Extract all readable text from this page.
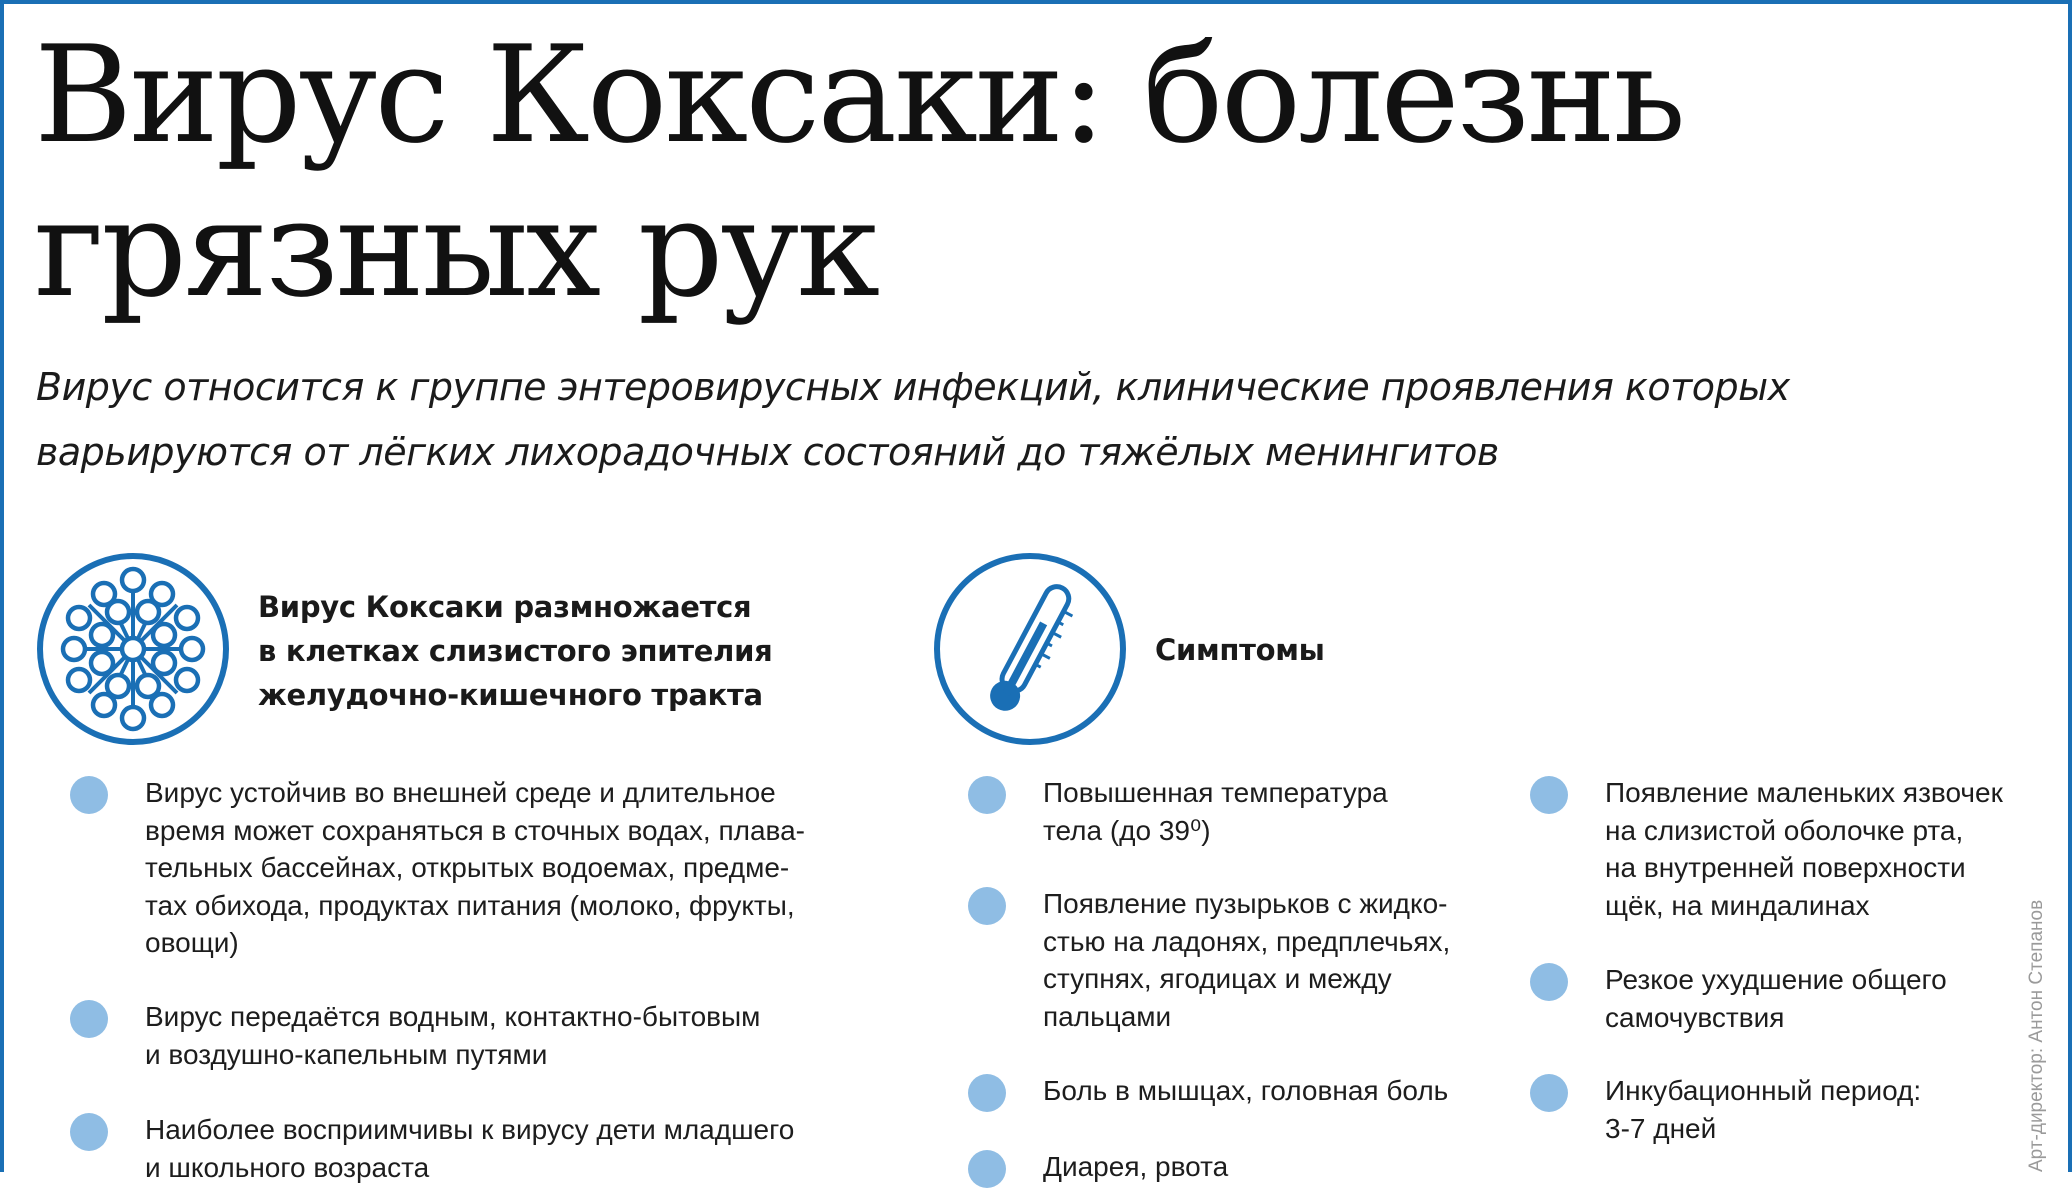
Вирус Коксаки: болезнь
грязных рук
Вирус относится к группе энтеровирусных инфекций, клинические проявления которых
варьируются от лёгких лихорадочных состояний до тяжёлых менингитов
Вирус Коксаки размножается
в клетках слизистого эпителия
желудочно-кишечного тракта
Вирус устойчив во внешней среде и длительное
время может сохраняться в сточных водах, плава-
тельных бассейнах, открытых водоемах, предме-
тах обихода, продуктах питания (молоко, фрукты,
овощи)
Вирус передаётся водным, контактно-бытовым
и воздушно-капельным путями
Наиболее восприимчивы к вирусу дети младшего
и школьного возраста
Симптомы
Повышенная температура
тела (до 39⁰)
Появление пузырьков с жидко-
стью на ладонях, предплечьях,
ступнях, ягодицах и между
пальцами
Боль в мышцах, головная боль
Диарея, рвота
Появление маленьких язвочек
на слизистой оболочке рта,
на внутренней поверхности
щёк, на миндалинах
Резкое ухудшение общего
самочувствия
Инкубационный период:
3-7 дней	Арт-директор: Антон Степанов
